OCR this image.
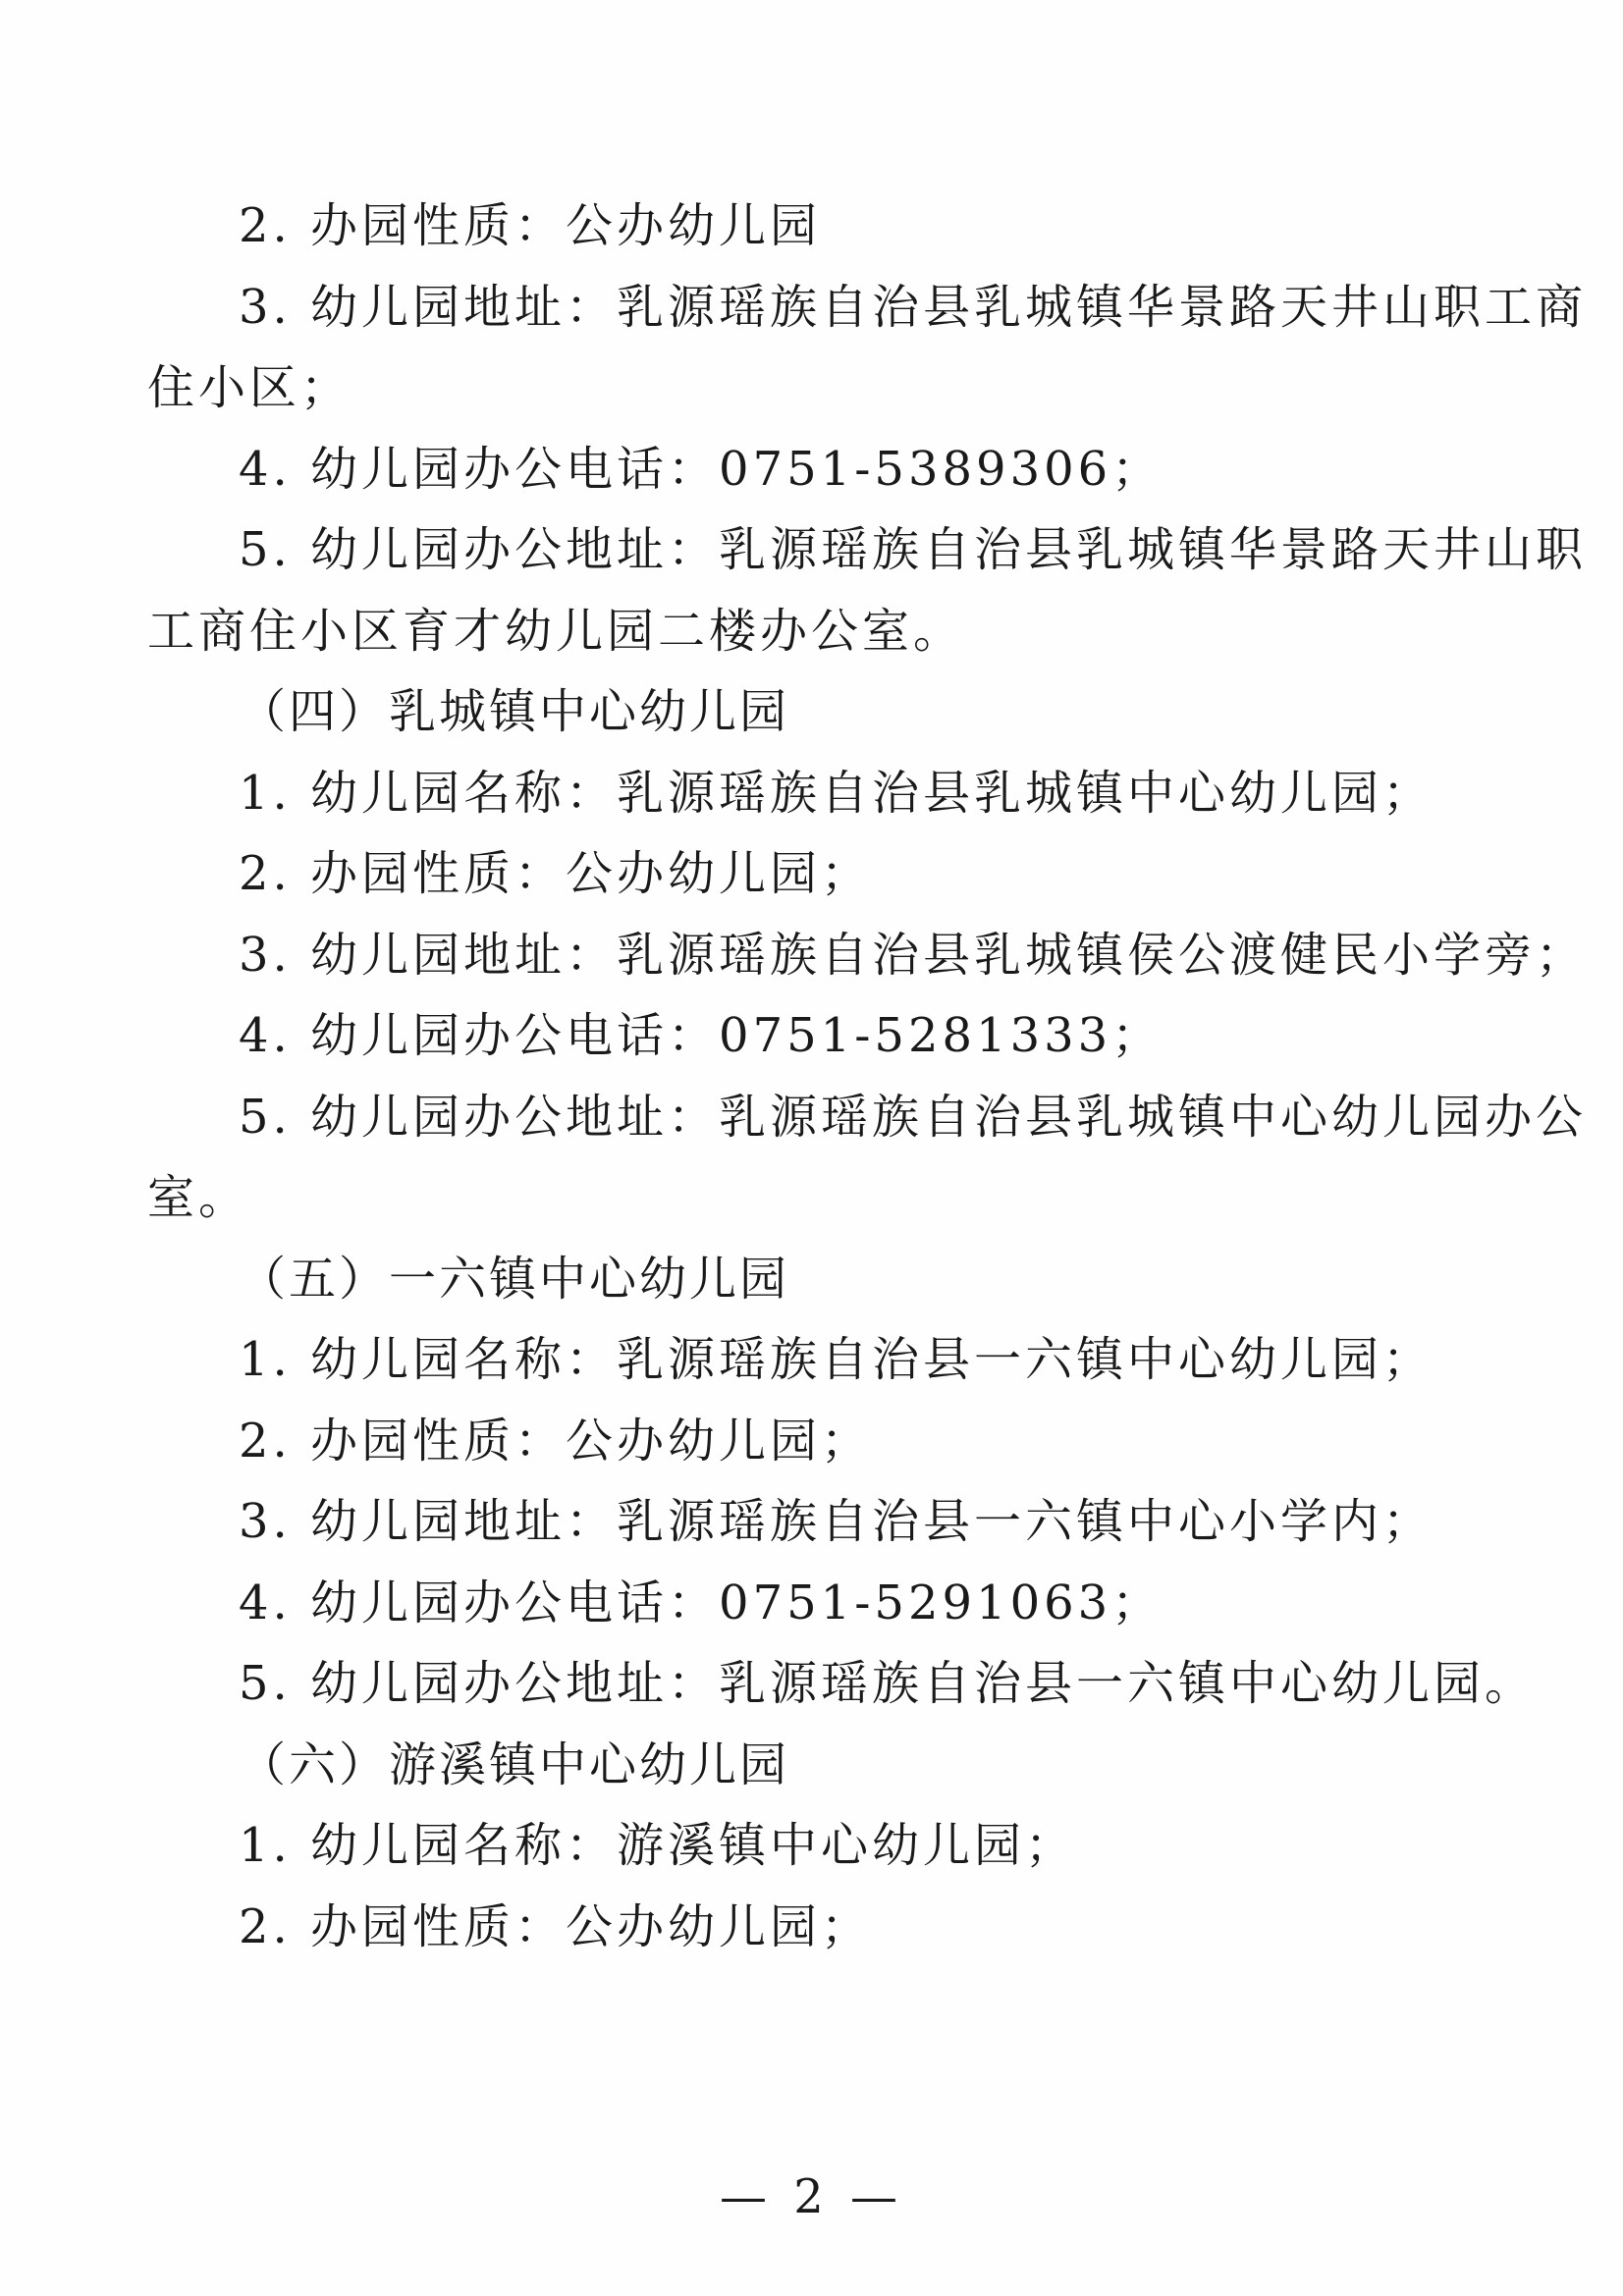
2. 办园性质：公办幼儿园
3. 幼儿园地址：乳源瑶族自治县乳城镇华景路天井山职工商
住小区；
4. 幼儿园办公电话：0751-5389306；
5. 幼儿园办公地址：乳源瑶族自治县乳城镇华景路天井山职
工商住小区育才幼儿园二楼办公室。
（四）乳城镇中心幼儿园
1. 幼儿园名称：乳源瑶族自治县乳城镇中心幼儿园；
2. 办园性质：公办幼儿园；
3. 幼儿园地址：乳源瑶族自治县乳城镇侯公渡健民小学旁；
4. 幼儿园办公电话：0751-5281333；
5. 幼儿园办公地址：乳源瑶族自治县乳城镇中心幼儿园办公
室。
（五）一六镇中心幼儿园
1. 幼儿园名称：乳源瑶族自治县一六镇中心幼儿园；
2. 办园性质：公办幼儿园；
3. 幼儿园地址：乳源瑶族自治县一六镇中心小学内；
4. 幼儿园办公电话：0751-5291063；
5. 幼儿园办公地址：乳源瑶族自治县一六镇中心幼儿园。
（六）游溪镇中心幼儿园
1. 幼儿园名称：游溪镇中心幼儿园；
2. 办园性质：公办幼儿园；
— 2 —
